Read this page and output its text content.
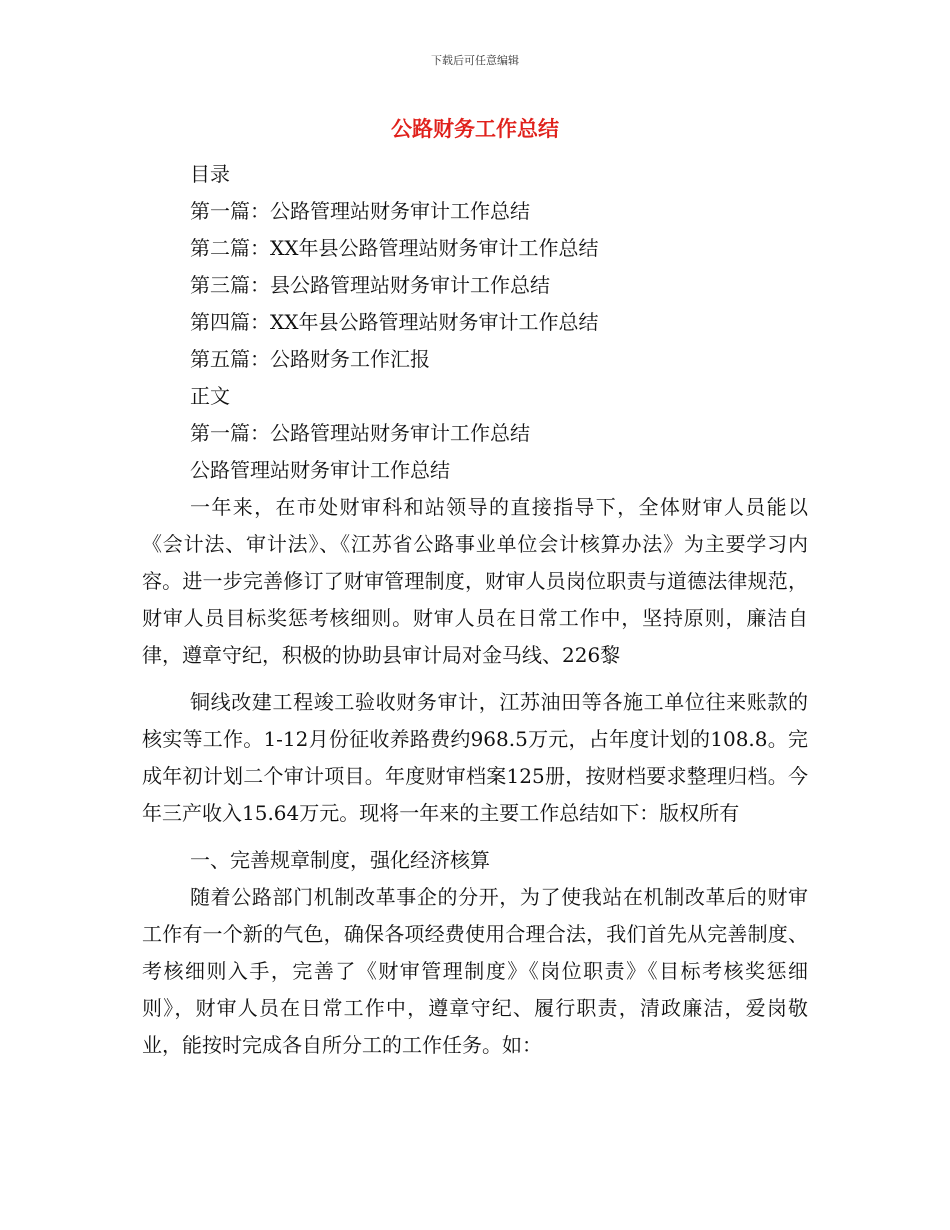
下载后可任意编辑
公路财务工作总结
目录
第一篇：公路管理站财务审计工作总结
第二篇：XX年县公路管理站财务审计工作总结
第三篇：县公路管理站财务审计工作总结
第四篇：XX年县公路管理站财务审计工作总结
第五篇：公路财务工作汇报
正文
第一篇：公路管理站财务审计工作总结
公路管理站财务审计工作总结

一年来，在市处财审科和站领导的直接指导下，全体财审人员能以《会计法、审计法》、《江苏省公路事业单位会计核算办法》为主要学习内容。进一步完善修订了财审管理制度，财审人员岗位职责与道德法律规范，财审人员目标奖惩考核细则。财审人员在日常工作中，坚持原则，廉洁自律，遵章守纪，积极的协助县审计局对金马线、226黎

铜线改建工程竣工验收财务审计，江苏油田等各施工单位往来账款的核实等工作。1-12月份征收养路费约968.5万元，占年度计划的108.8。完成年初计划二个审计项目。年度财审档案125册，按财档要求整理归档。今年三产收入15.64万元。现将一年来的主要工作总结如下：版权所有

一、完善规章制度，强化经济核算

随着公路部门机制改革事企的分开，为了使我站在机制改革后的财审工作有一个新的气色，确保各项经费使用合理合法，我们首先从完善制度、考核细则入手，完善了《财审管理制度》《岗位职责》《目标考核奖惩细则》，财审人员在日常工作中，遵章守纪、履行职责，清政廉洁，爱岗敬业，能按时完成各自所分工的工作任务。如：
